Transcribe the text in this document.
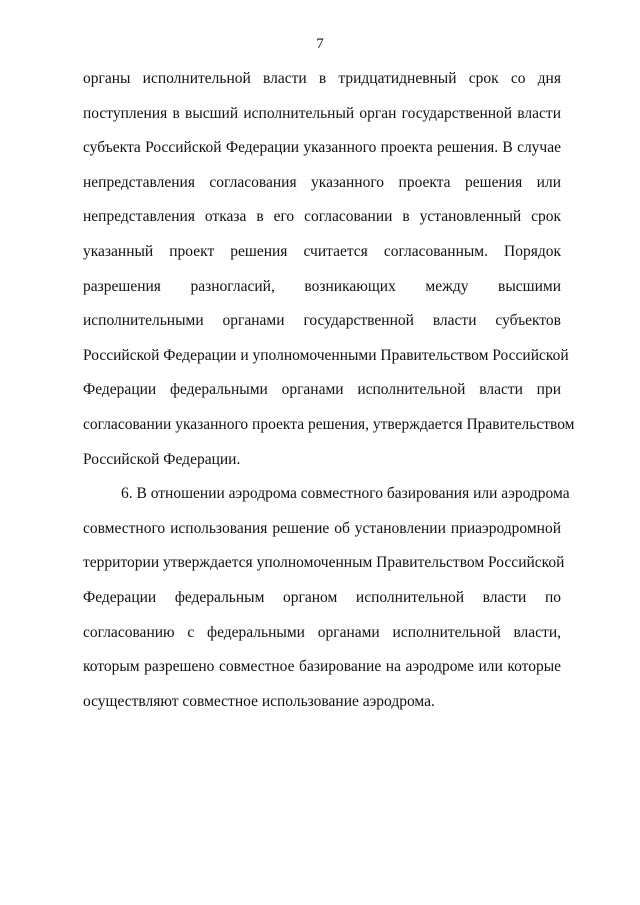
7

органы исполнительной власти в тридцатидневный срок со дня
поступления в высший исполнительный орган государственной власти
субъекта Российской Федерации указанного проекта решения. В случае
непредставления согласования указанного проекта решения или
непредставления отказа в его согласовании в установленный срок
указанный проект решения считается согласованным. Порядок
разрешения разногласий, возникающих между высшими
исполнительными органами государственной власти субъектов
Российской Федерации и уполномоченными Правительством Российской
Федерации федеральными органами исполнительной власти при
согласовании указанного проекта решения, утверждается Правительством
Российской Федерации.

6. В отношении аэродрома совместного базирования или аэродрома
совместного использования решение об установлении приаэродромной
территории утверждается уполномоченным Правительством Российской
Федерации федеральным органом исполнительной власти по
согласованию с федеральными органами исполнительной власти,
которым разрешено совместное базирование на аэродроме или которые
осуществляют совместное использование аэродрома.
